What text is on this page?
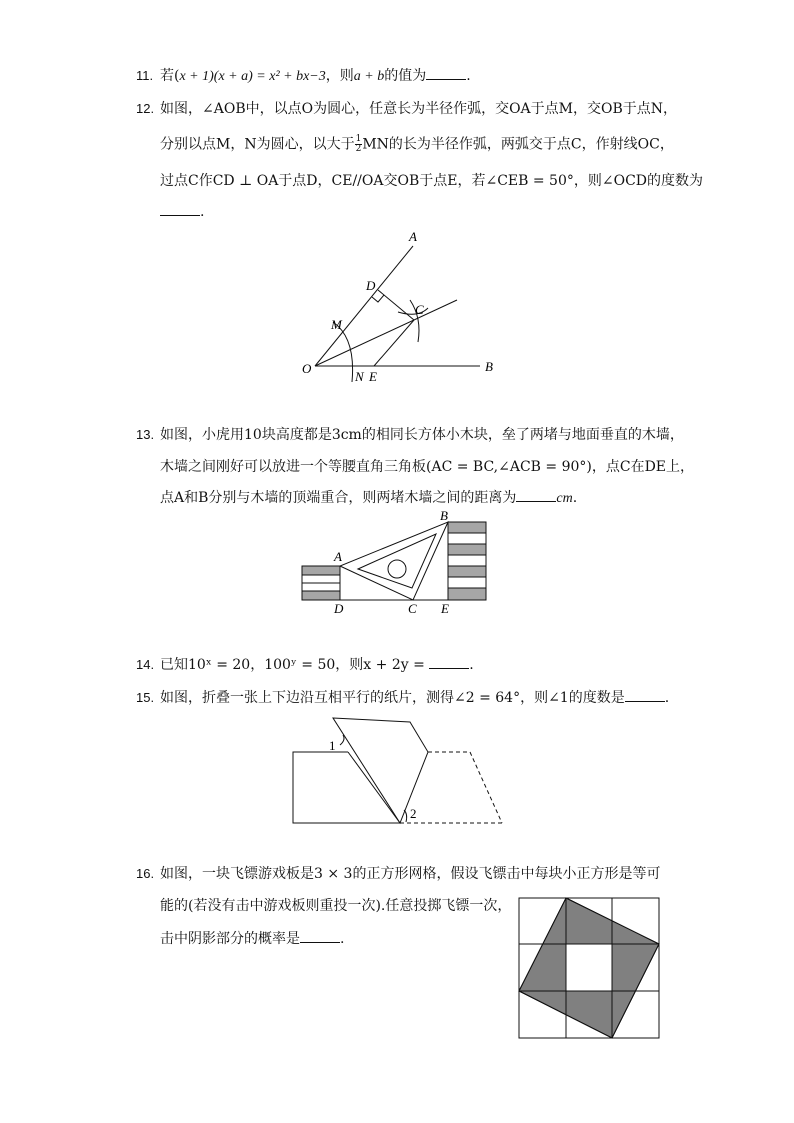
11. 若(x + 1)(x + a) = x² + bx−3，则a + b的值为	.
12. 如图，∠AOB中，以点O为圆心，任意长为半径作弧，交OA于点M，交OB于点N，
分别以点M，N为圆心，以大于 $\frac{1}{2}$ MN的长为半径作弧，两弧交于点C，作射线OC，
过点C作CD ⊥ OA于点D，CE//OA交OB于点E，若∠CEB = 50°，则∠OCD的度数为
.
A
B
C
D
E
M
N
O
13. 如图，小虎用10块高度都是3cm的相同长方体小木块，垒了两堵与地面垂直的木墙，
木墙之间刚好可以放进一个等腰直角三角板(AC = BC,∠ACB = 90°)，点C在DE上，
点A和B分别与木墙的顶端重合，则两堵木墙之间的距离为	cm.
A
B
C
D	E
14. 已知10ˣ = 20，100ʸ = 50，则x + 2y =	.
15. 如图，折叠一张上下边沿互相平行的纸片，测得∠2 = 64°，则∠1的度数是	.
1
2
16. 如图，一块飞镖游戏板是3 × 3的正方形网格，假设飞镖击中每块小正方形是等可
能的(若没有击中游戏板则重投一次).任意投掷飞镖一次，
击中阴影部分的概率是	.
